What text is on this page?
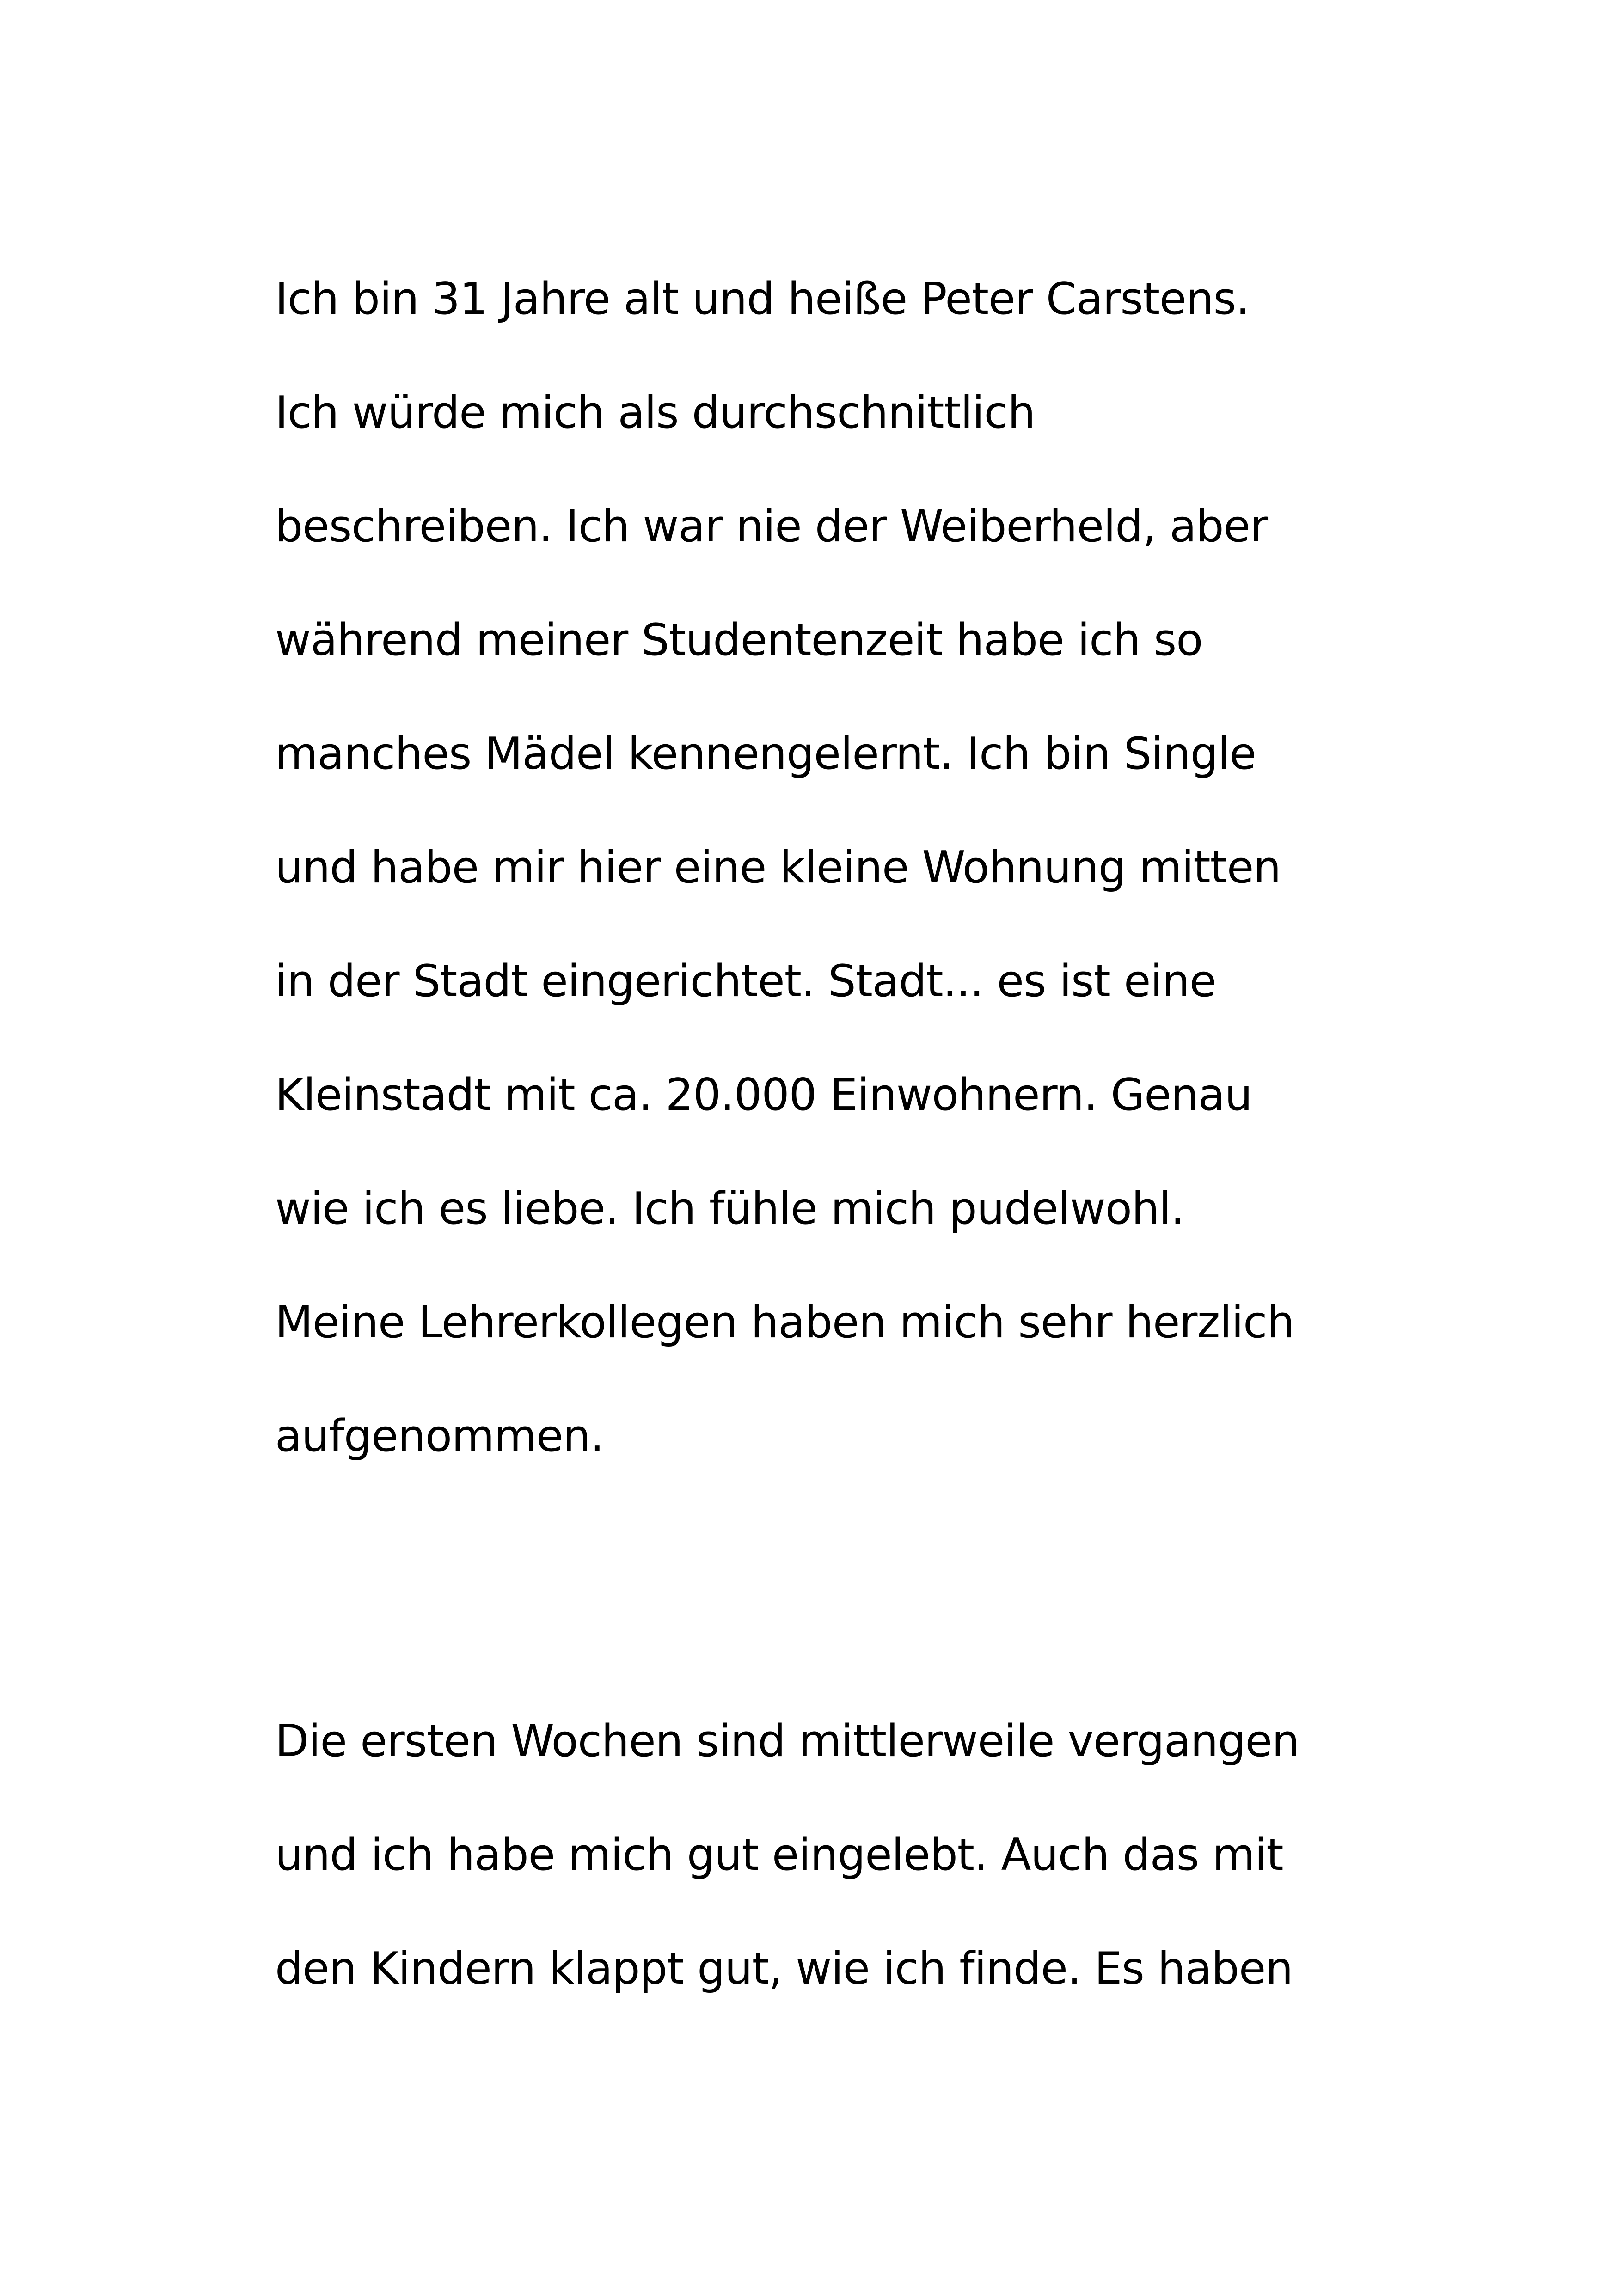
Ich bin 31 Jahre alt und heiße Peter Carstens.
Ich würde mich als durchschnittlich
beschreiben. Ich war nie der Weiberheld, aber
während meiner Studentenzeit habe ich so
manches Mädel kennengelernt. Ich bin Single
und habe mir hier eine kleine Wohnung mitten
in der Stadt eingerichtet. Stadt... es ist eine
Kleinstadt mit ca. 20.000 Einwohnern. Genau
wie ich es liebe. Ich fühle mich pudelwohl.
Meine Lehrerkollegen haben mich sehr herzlich
aufgenommen.
Die ersten Wochen sind mittlerweile vergangen
und ich habe mich gut eingelebt. Auch das mit
den Kindern klappt gut, wie ich finde. Es haben
